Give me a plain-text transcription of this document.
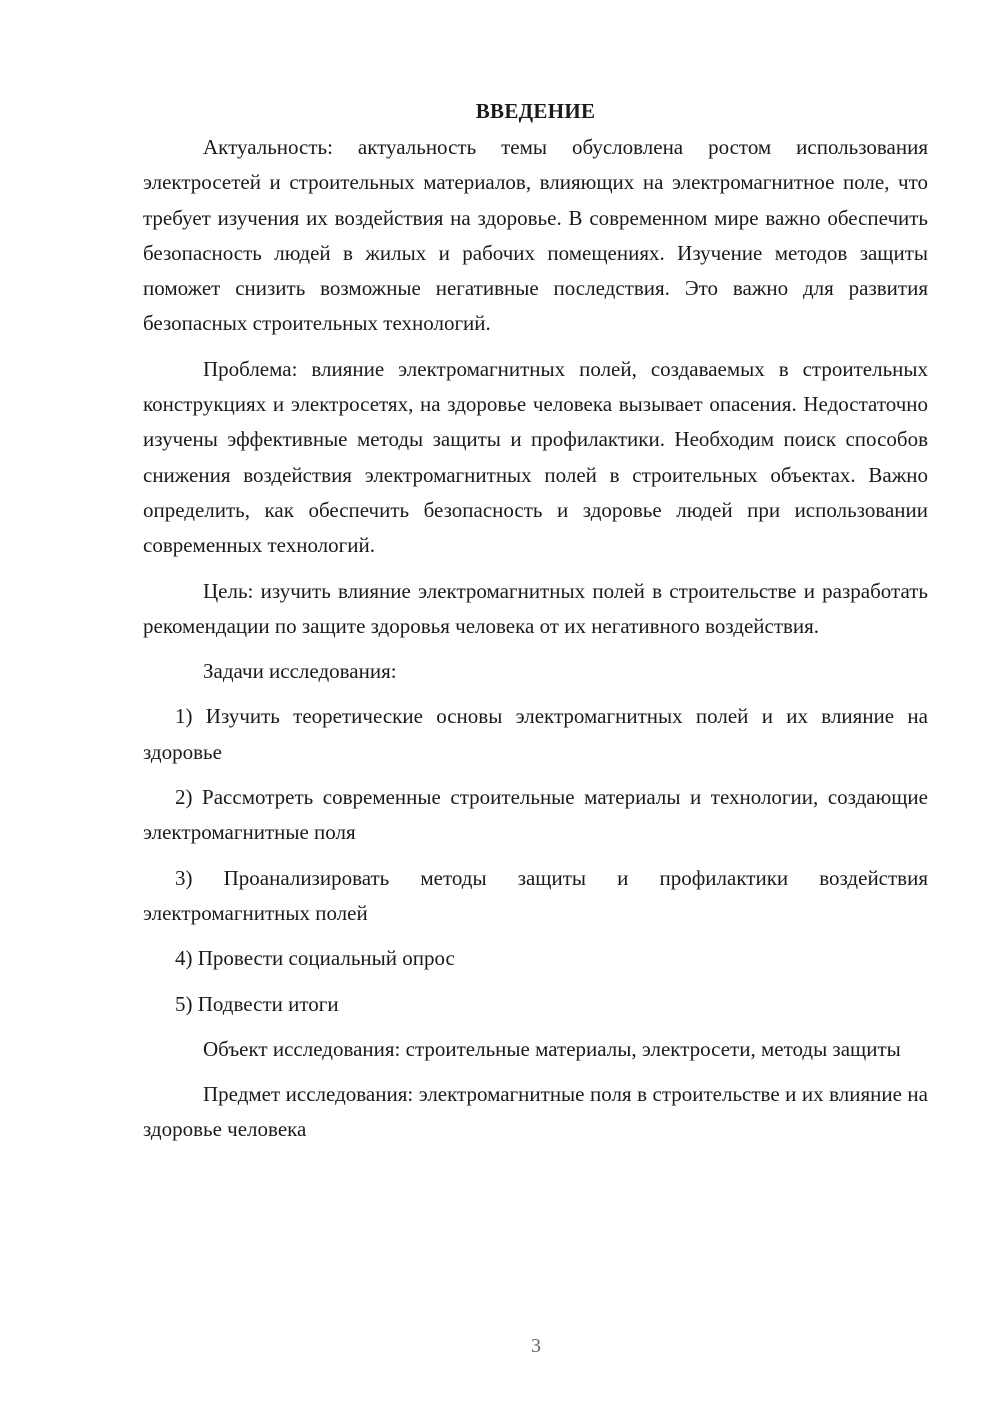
ВВЕДЕНИЕ

Актуальность: актуальность темы обусловлена ростом использования электросетей и строительных материалов, влияющих на электромагнитное поле, что требует изучения их воздействия на здоровье. В современном мире важно обеспечить безопасность людей в жилых и рабочих помещениях. Изучение методов защиты поможет снизить возможные негативные последствия. Это важно для развития безопасных строительных технологий.

Проблема: влияние электромагнитных полей, создаваемых в строительных конструкциях и электросетях, на здоровье человека вызывает опасения. Недостаточно изучены эффективные методы защиты и профилактики. Необходим поиск способов снижения воздействия электромагнитных полей в строительных объектах. Важно определить, как обеспечить безопасность и здоровье людей при использовании современных технологий.

Цель: изучить влияние электромагнитных полей в строительстве и разработать рекомендации по защите здоровья человека от их негативного воздействия.

Задачи исследования:

1) Изучить теоретические основы электромагнитных полей и их влияние на здоровье

2) Рассмотреть современные строительные материалы и технологии, создающие электромагнитные поля

3) Проанализировать методы защиты и профилактики воздействия электромагнитных полей

4) Провести социальный опрос

5) Подвести итоги

Объект исследования: строительные материалы, электросети, методы защиты

Предмет исследования: электромагнитные поля в строительстве и их влияние на здоровье человека

3
